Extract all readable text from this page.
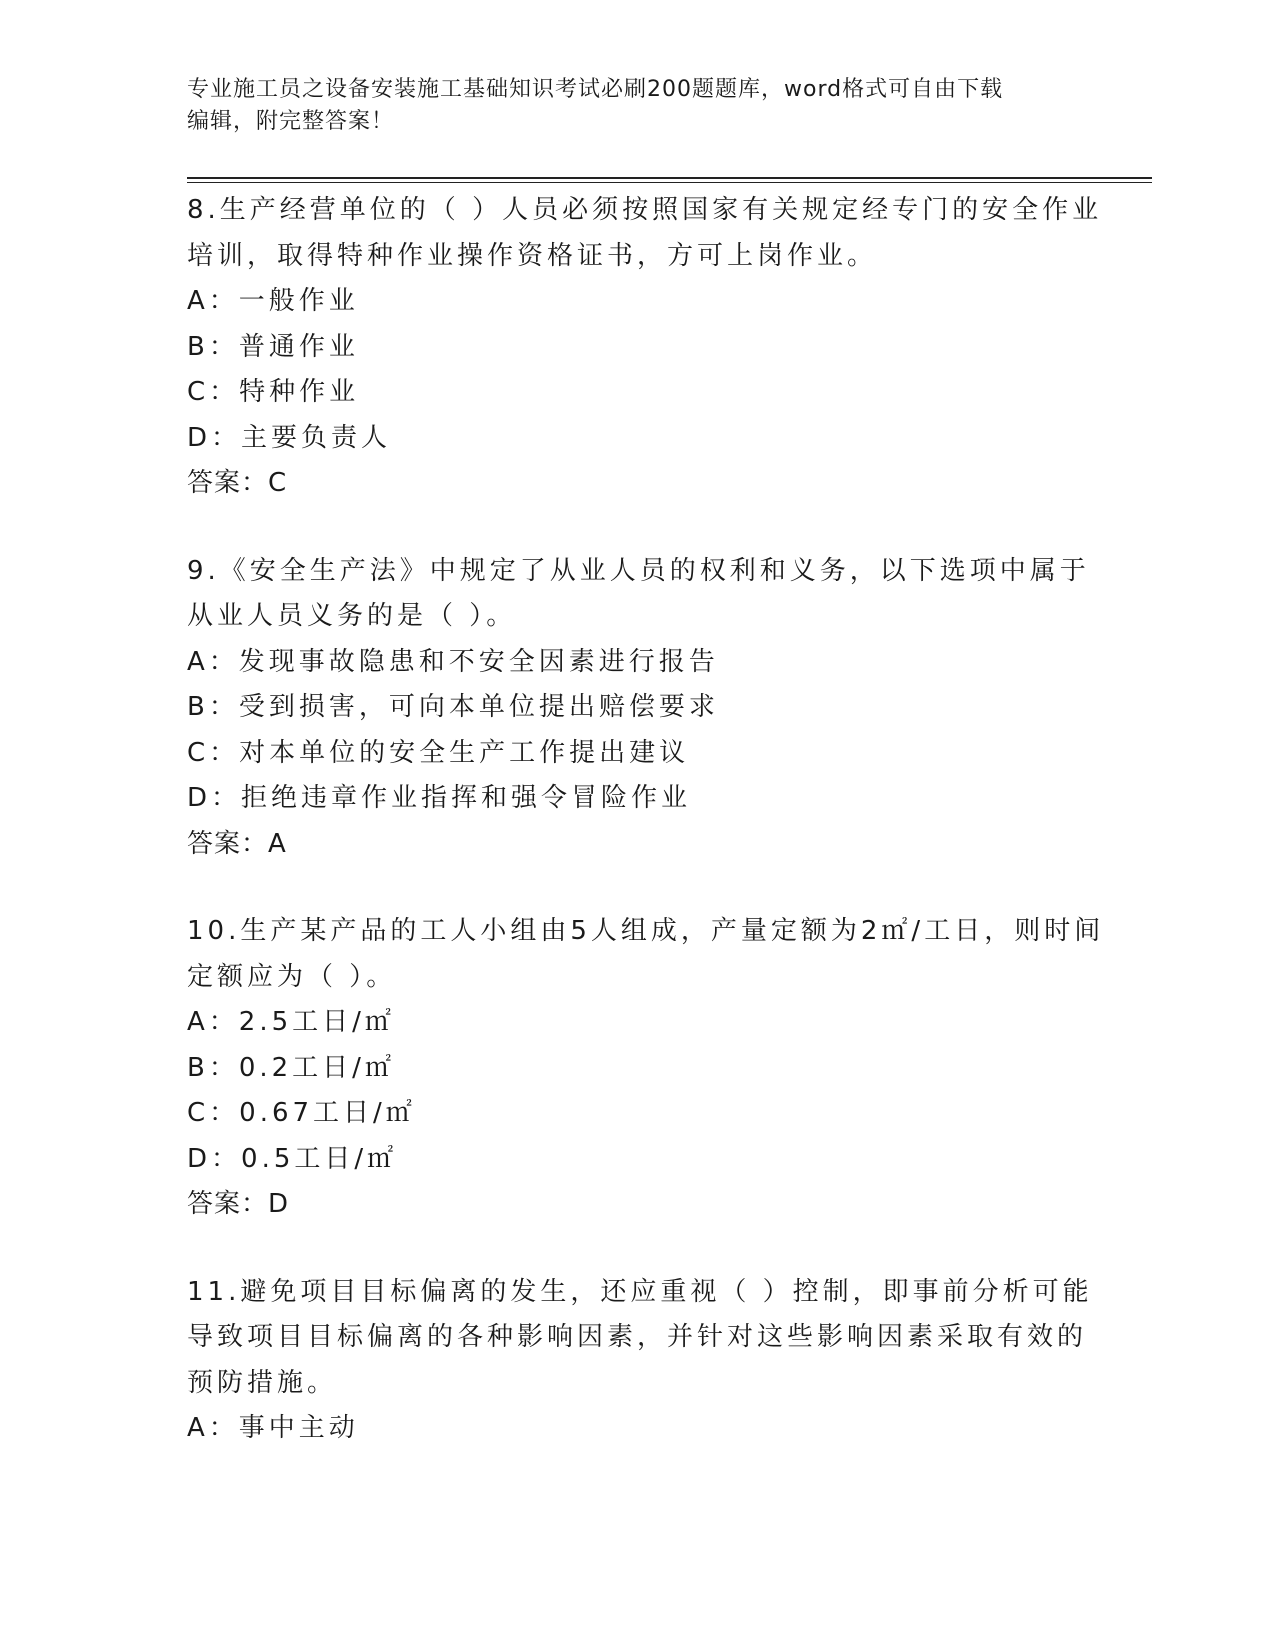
专业施工员之设备安装施工基础知识考试必刷200题题库，word格式可自由下载
编辑，附完整答案！
8.生产经营单位的（ ）人员必须按照国家有关规定经专门的安全作业
培训，取得特种作业操作资格证书，方可上岗作业。
A：一般作业
B：普通作业
C：特种作业
D：主要负责人
答案：C
9.《安全生产法》中规定了从业人员的权利和义务，以下选项中属于
从业人员义务的是（ ）。
A：发现事故隐患和不安全因素进行报告
B：受到损害，可向本单位提出赔偿要求
C：对本单位的安全生产工作提出建议
D：拒绝违章作业指挥和强令冒险作业
答案：A
10.生产某产品的工人小组由5人组成，产量定额为2㎡/工日，则时间
定额应为（ ）。
A：2.5工日/㎡
B：0.2工日/㎡
C：0.67工日/㎡
D：0.5工日/㎡
答案：D
11.避免项目目标偏离的发生，还应重视（ ）控制，即事前分析可能
导致项目目标偏离的各种影响因素，并针对这些影响因素采取有效的
预防措施。
A：事中主动
